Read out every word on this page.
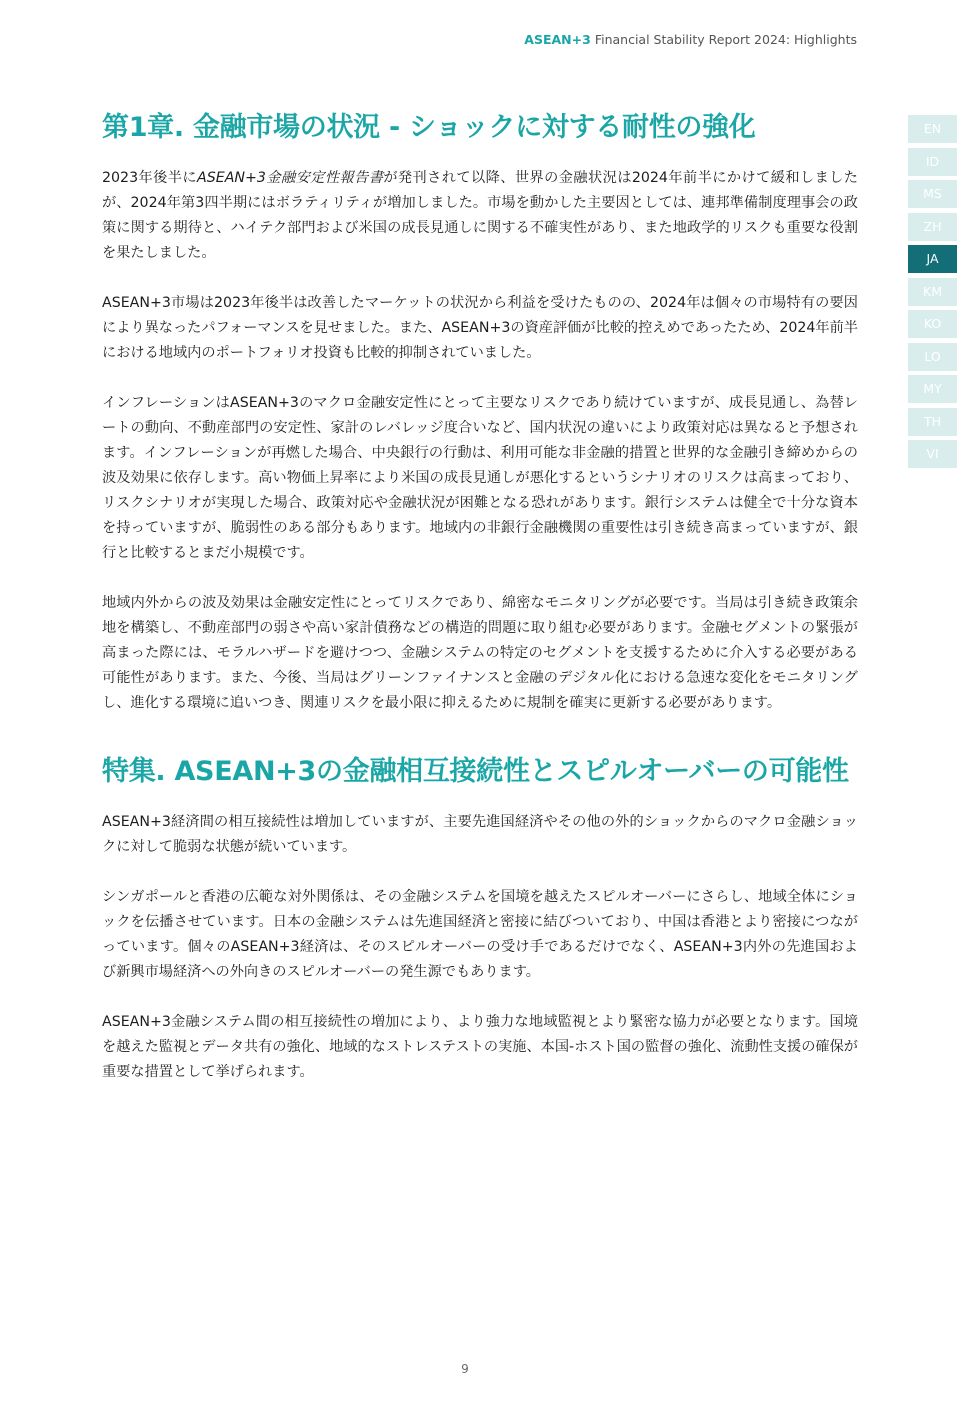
ASEAN+3 Financial Stability Report 2024: Highlights
第1章. 金融市場の状況 - ショックに対する耐性の強化

2023年後半にASEAN+3金融安定性報告書が発刊されて以降、世界の金融状況は2024年前半にかけて緩和しましたが、2024年第3四半期にはボラティリティが増加しました。市場を動かした主要因としては、連邦準備制度理事会の政策に関する期待と、ハイテク部門および米国の成長見通しに関する不確実性があり、また地政学的リスクも重要な役割を果たしました。

ASEAN+3市場は2023年後半は改善したマーケットの状況から利益を受けたものの、2024年は個々の市場特有の要因により異なったパフォーマンスを見せました。また、ASEAN+3の資産評価が比較的控えめであったため、2024年前半における地域内のポートフォリオ投資も比較的抑制されていました。

インフレーションはASEAN+3のマクロ金融安定性にとって主要なリスクであり続けていますが、成長見通し、為替レートの動向、不動産部門の安定性、家計のレバレッジ度合いなど、国内状況の違いにより政策対応は異なると予想されます。インフレーションが再燃した場合、中央銀行の行動は、利用可能な非金融的措置と世界的な金融引き締めからの波及効果に依存します。高い物価上昇率により米国の成長見通しが悪化するというシナリオのリスクは高まっており、リスクシナリオが実現した場合、政策対応や金融状況が困難となる恐れがあります。銀行システムは健全で十分な資本を持っていますが、脆弱性のある部分もあります。地域内の非銀行金融機関の重要性は引き続き高まっていますが、銀行と比較するとまだ小規模です。

地域内外からの波及効果は金融安定性にとってリスクであり、綿密なモニタリングが必要です。当局は引き続き政策余地を構築し、不動産部門の弱さや高い家計債務などの構造的問題に取り組む必要があります。金融セグメントの緊張が高まった際には、モラルハザードを避けつつ、金融システムの特定のセグメントを支援するために介入する必要がある可能性があります。また、今後、当局はグリーンファイナンスと金融のデジタル化における急速な変化をモニタリングし、進化する環境に追いつき、関連リスクを最小限に抑えるために規制を確実に更新する必要があります。

特集. ASEAN+3の金融相互接続性とスピルオーバーの可能性

ASEAN+3経済間の相互接続性は増加していますが、主要先進国経済やその他の外的ショックからのマクロ金融ショックに対して脆弱な状態が続いています。

シンガポールと香港の広範な対外関係は、その金融システムを国境を越えたスピルオーバーにさらし、地域全体にショックを伝播させています。日本の金融システムは先進国経済と密接に結びついており、中国は香港とより密接につながっています。個々のASEAN+3経済は、そのスピルオーバーの受け手であるだけでなく、ASEAN+3内外の先進国および新興市場経済への外向きのスピルオーバーの発生源でもあります。

ASEAN+3金融システム間の相互接続性の増加により、より強力な地域監視とより緊密な協力が必要となります。国境を越えた監視とデータ共有の強化、地域的なストレステストの実施、本国-ホスト国の監督の強化、流動性支援の確保が重要な措置として挙げられます。

EN
ID
MS
ZH
JA
KM
KO
LO
MY
TH
VI
9
